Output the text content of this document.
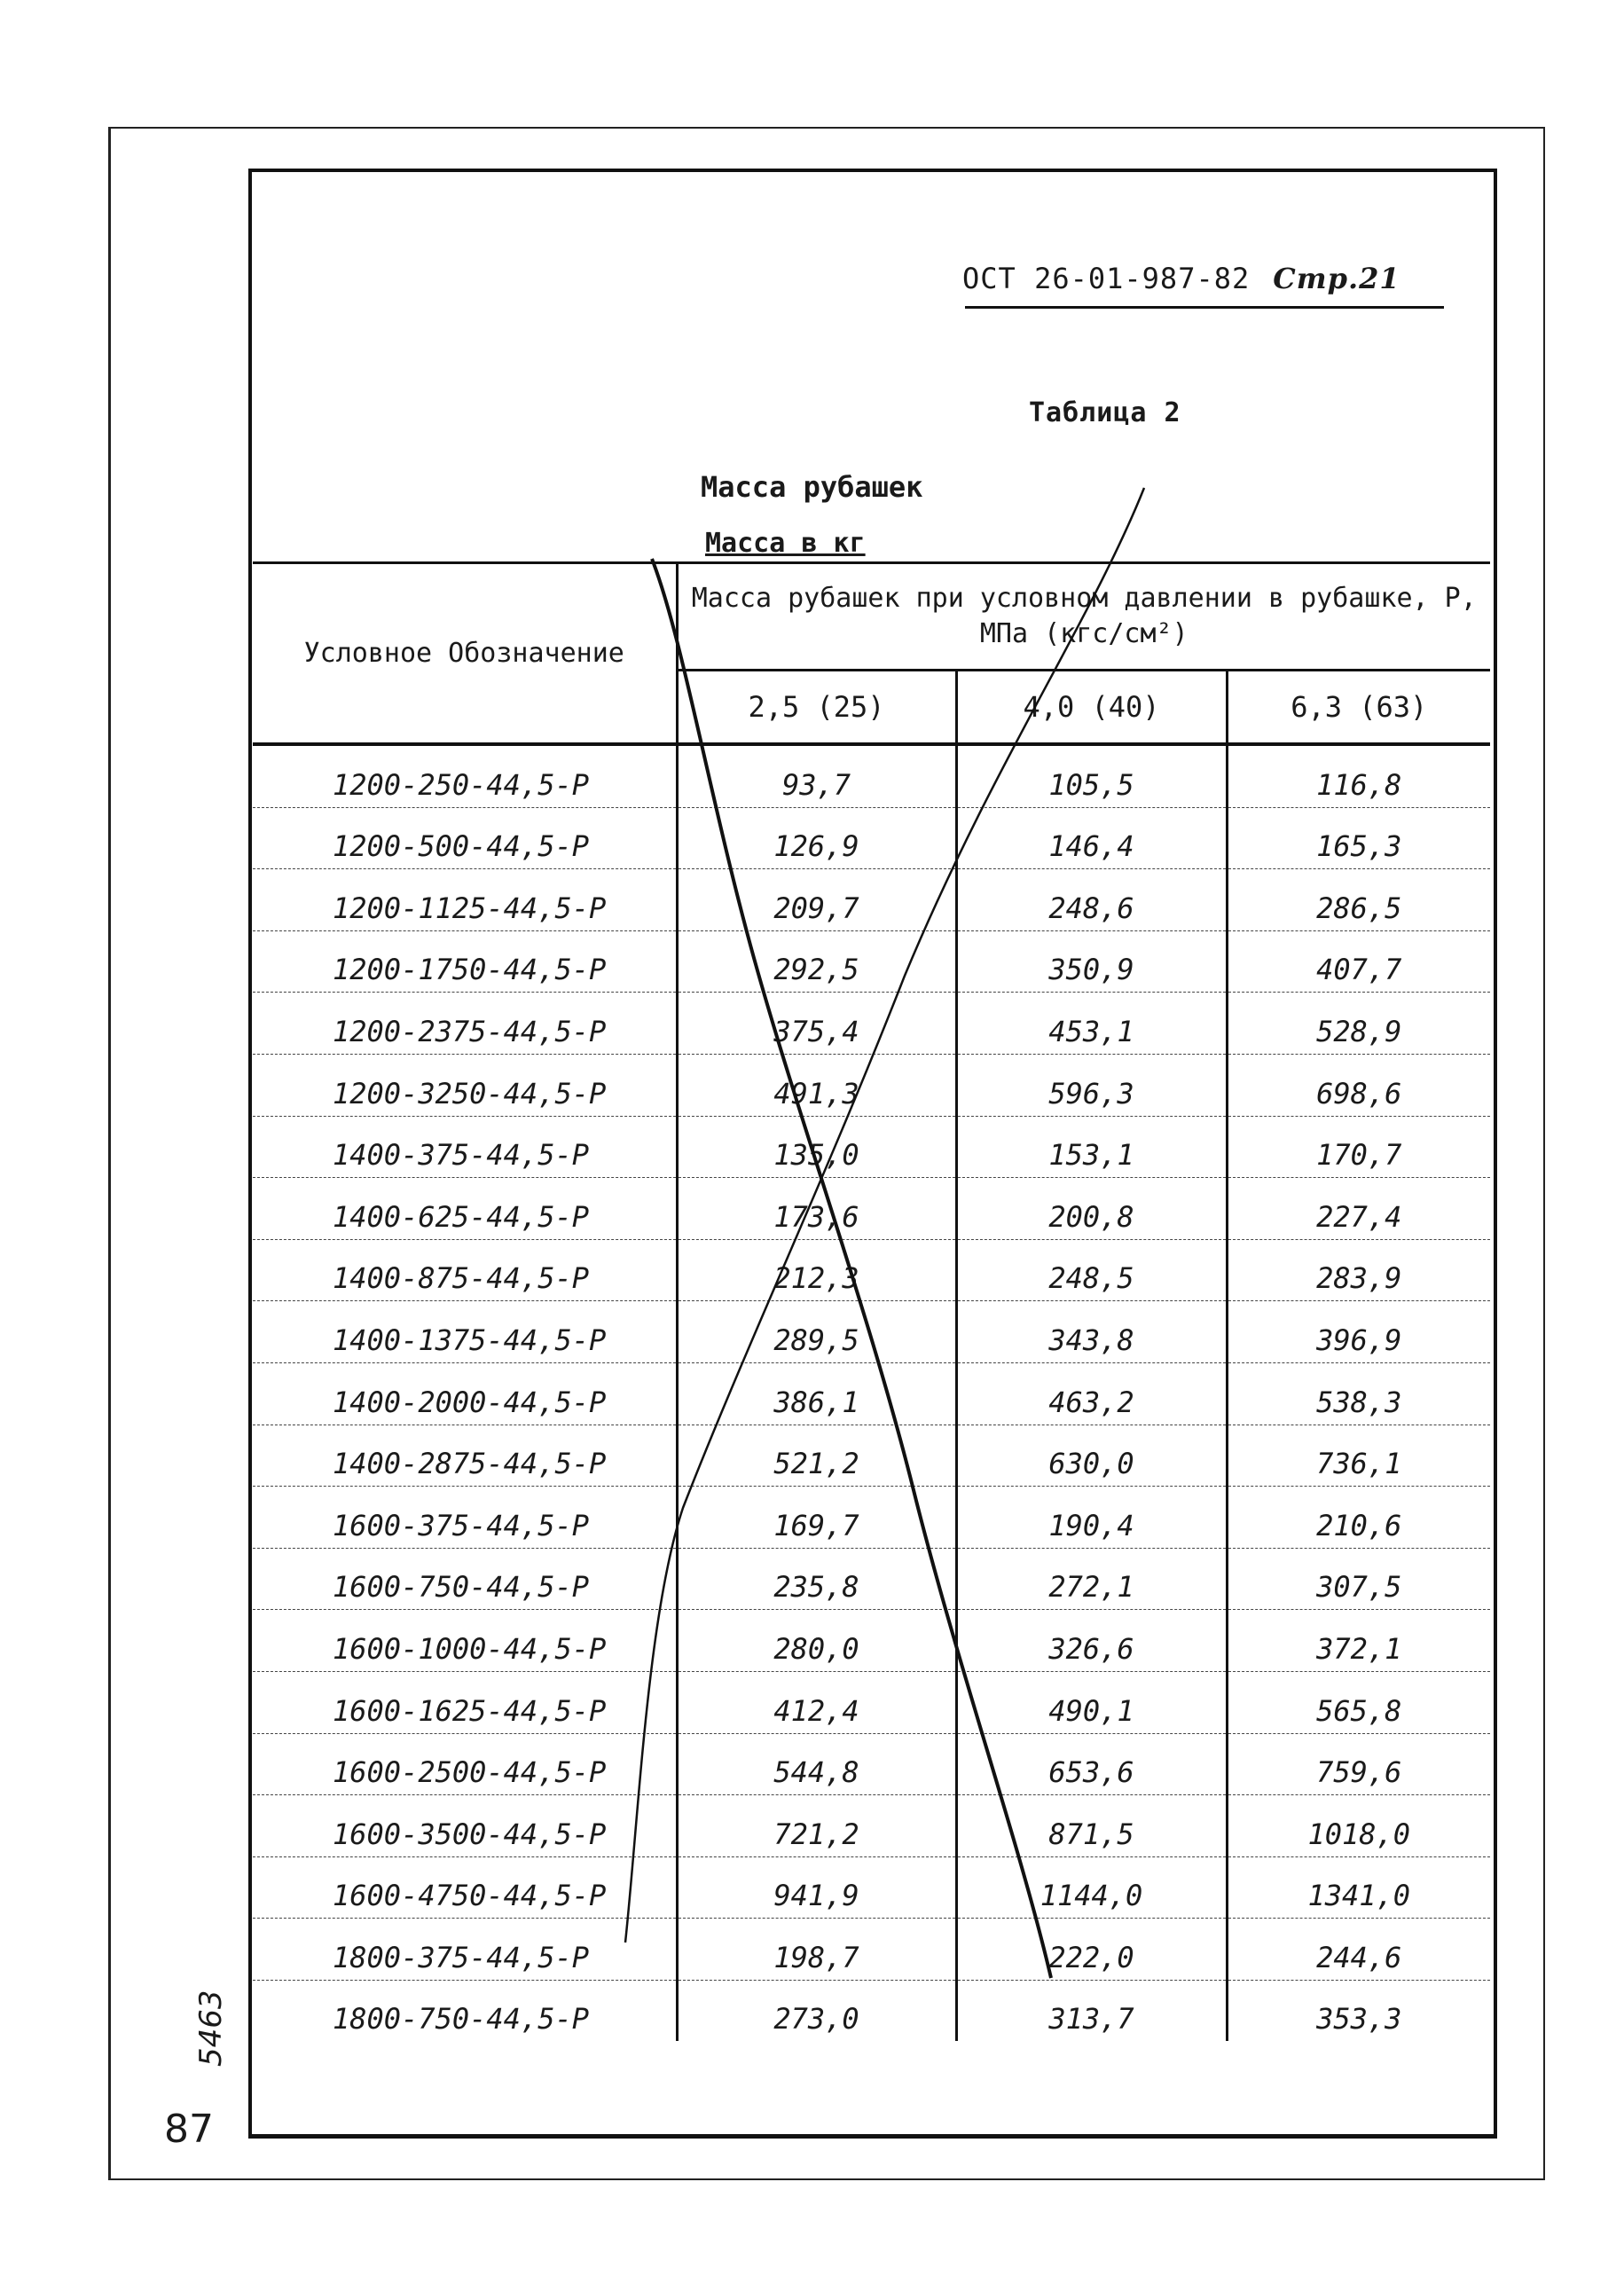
ОСТ 26-01-987-82 Стр.21
Таблица 2
Масса рубашек
Масса в кг
Условное Обозначение	Масса рубашек при условном давлении в рубашке, P, МПа (кгс/см²)		
	2,5 (25)	4,0 (40)	6,3 (63)
1200-250-44,5-P	93,7	105,5	116,8
1200-500-44,5-P	126,9	146,4	165,3
1200-1125-44,5-P	209,7	248,6	286,5
1200-1750-44,5-P	292,5	350,9	407,7
1200-2375-44,5-P	375,4	453,1	528,9
1200-3250-44,5-P	491,3	596,3	698,6
1400-375-44,5-P	135,0	153,1	170,7
1400-625-44,5-P	173,6	200,8	227,4
1400-875-44,5-P	212,3	248,5	283,9
1400-1375-44,5-P	289,5	343,8	396,9
1400-2000-44,5-P	386,1	463,2	538,3
1400-2875-44,5-P	521,2	630,0	736,1
1600-375-44,5-P	169,7	190,4	210,6
1600-750-44,5-P	235,8	272,1	307,5
1600-1000-44,5-P	280,0	326,6	372,1
1600-1625-44,5-P	412,4	490,1	565,8
1600-2500-44,5-P	544,8	653,6	759,6
1600-3500-44,5-P	721,2	871,5	1018,0
1600-4750-44,5-P	941,9	1144,0	1341,0
1800-375-44,5-P	198,7	222,0	244,6
1800-750-44,5-P	273,0	313,7	353,3
87
5463
